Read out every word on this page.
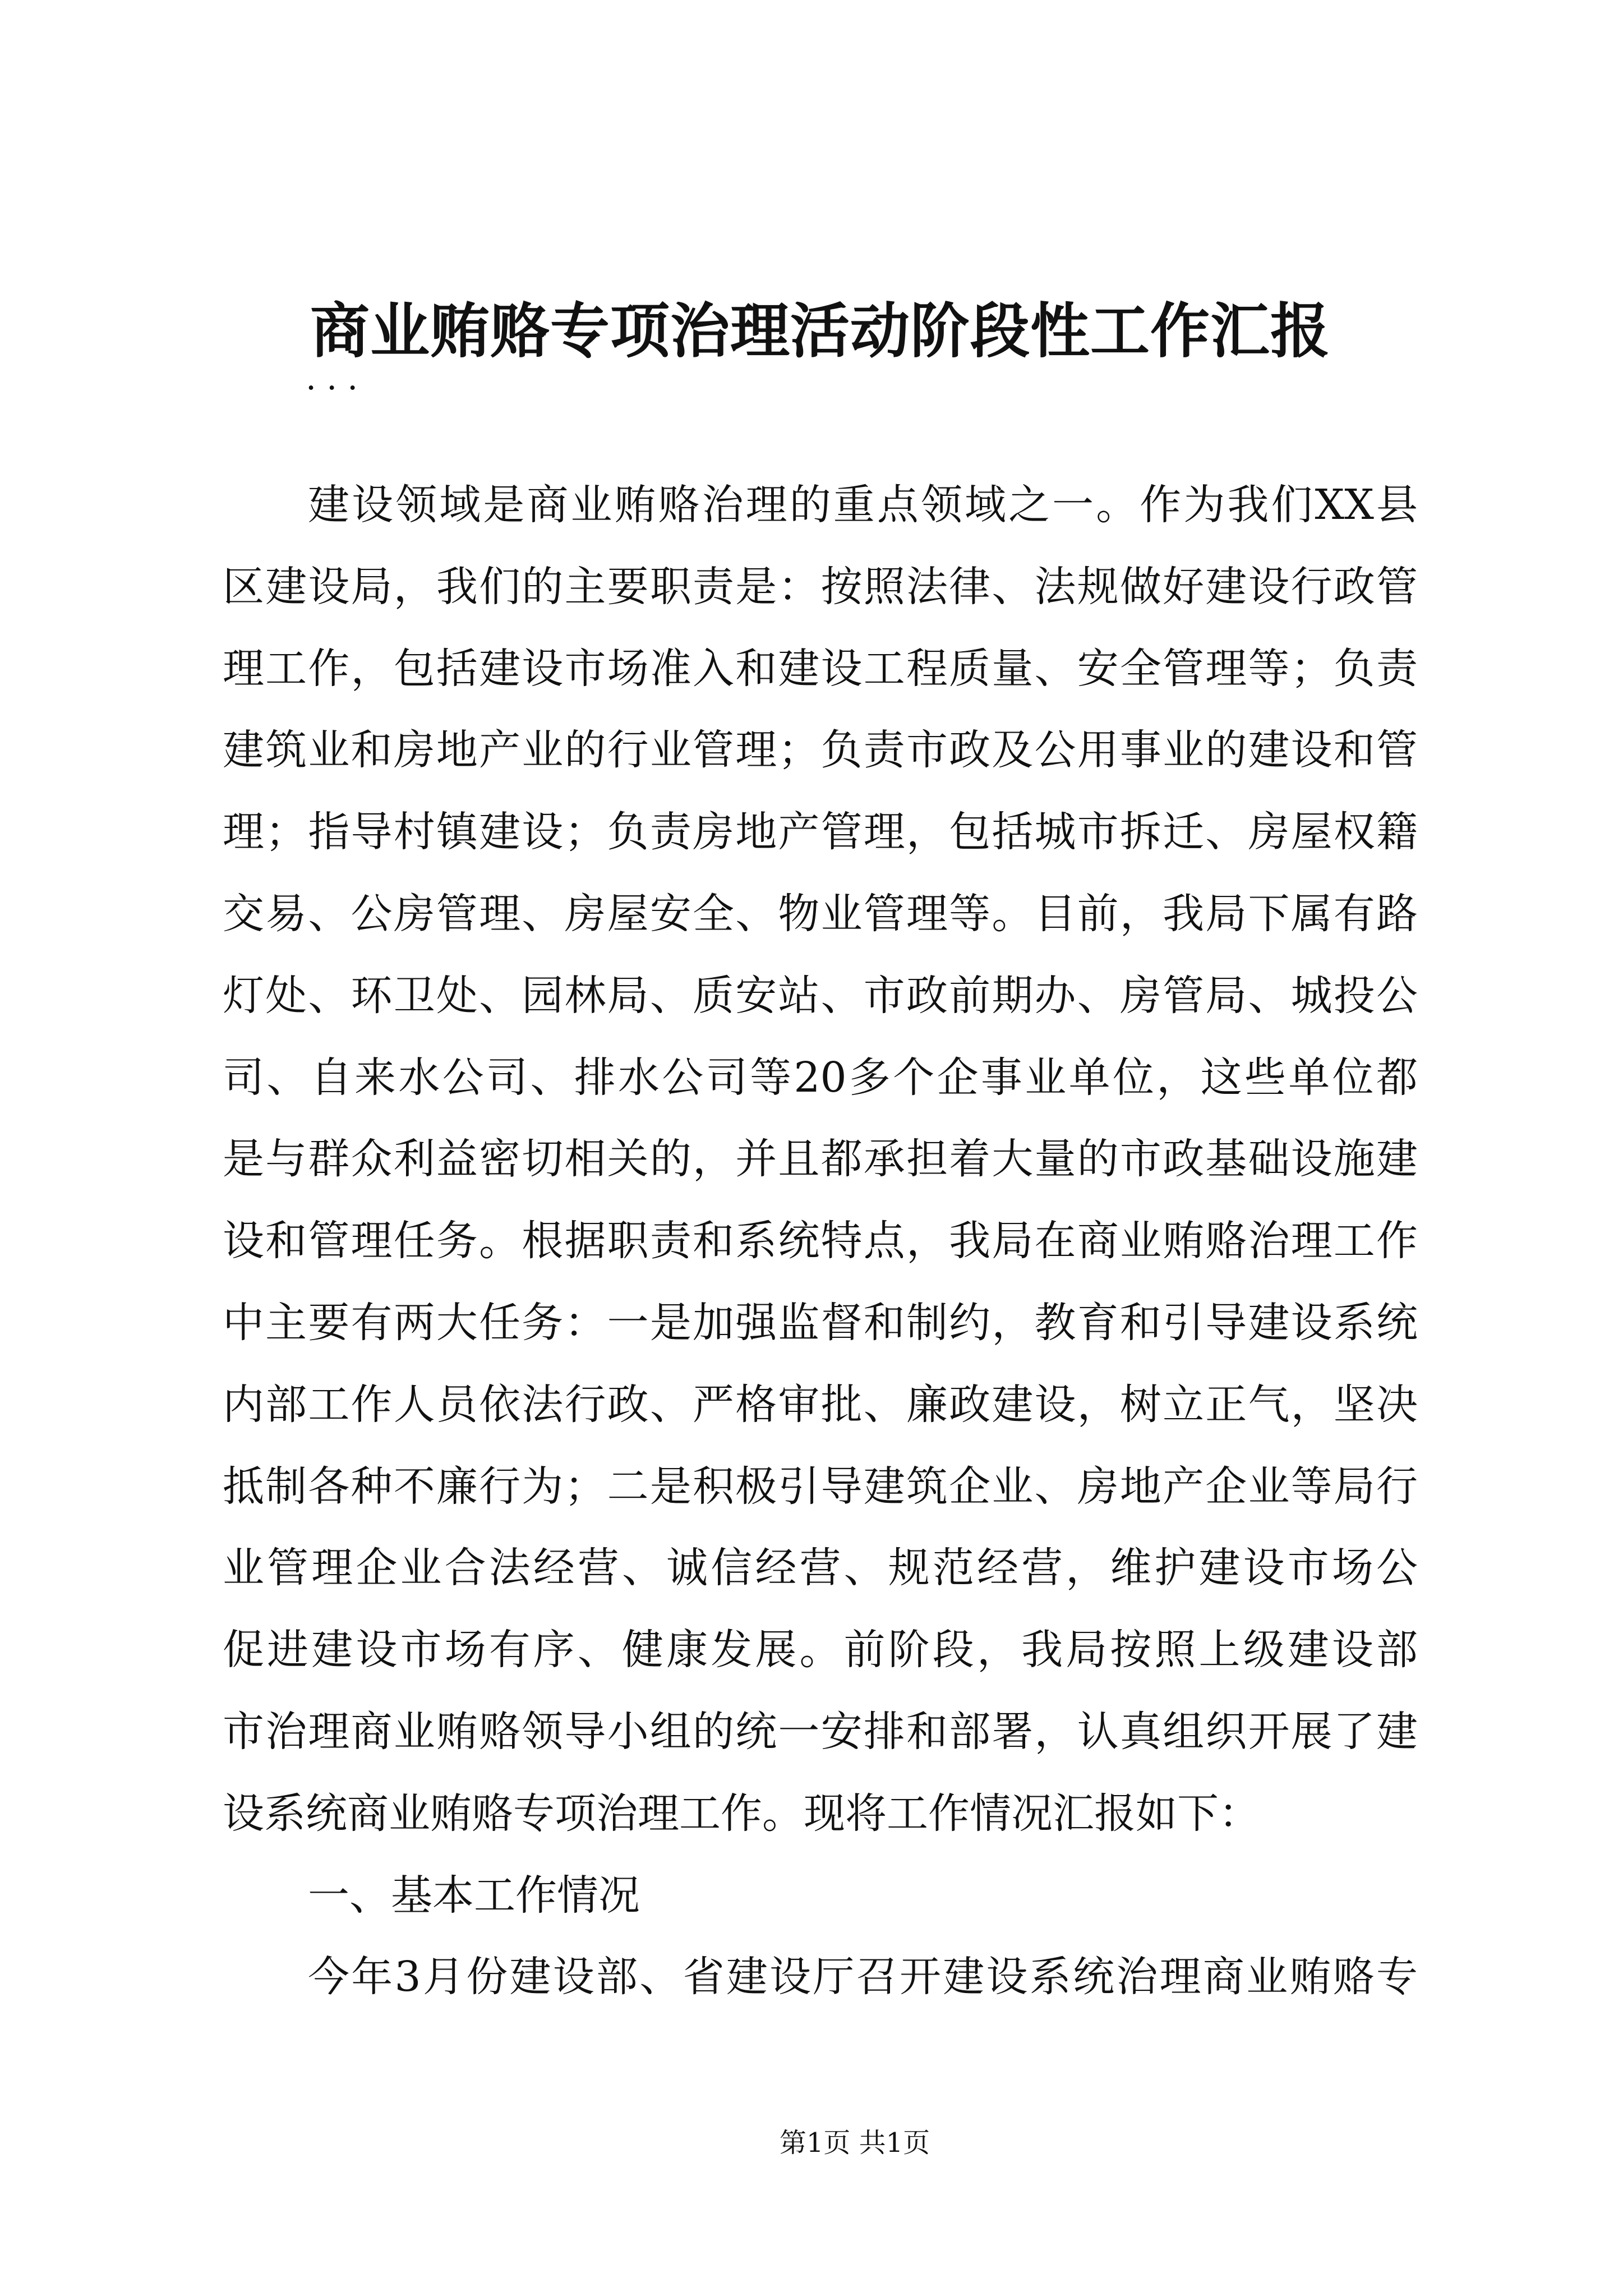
商业贿赂专项治理活动阶段性工作汇报
...
建设领域是商业贿赂治理的重点领域之一。作为我们XX县
区建设局，我们的主要职责是：按照法律、法规做好建设行政管
理工作，包括建设市场准入和建设工程质量、安全管理等；负责
建筑业和房地产业的行业管理；负责市政及公用事业的建设和管
理；指导村镇建设；负责房地产管理，包括城市拆迁、房屋权籍
交易、公房管理、房屋安全、物业管理等。目前，我局下属有路
灯处、环卫处、园林局、质安站、市政前期办、房管局、城投公
司、自来水公司、排水公司等20多个企事业单位，这些单位都
是与群众利益密切相关的，并且都承担着大量的市政基础设施建
设和管理任务。根据职责和系统特点，我局在商业贿赂治理工作
中主要有两大任务：一是加强监督和制约，教育和引导建设系统
内部工作人员依法行政、严格审批、廉政建设，树立正气，坚决
抵制各种不廉行为；二是积极引导建筑企业、房地产企业等局行
业管理企业合法经营、诚信经营、规范经营，维护建设市场公
促进建设市场有序、健康发展。前阶段，我局按照上级建设部
市治理商业贿赂领导小组的统一安排和部署，认真组织开展了建
设系统商业贿赂专项治理工作。现将工作情况汇报如下：
一、基本工作情况
今年3月份建设部、省建设厅召开建设系统治理商业贿赂专
第1页 共1页
